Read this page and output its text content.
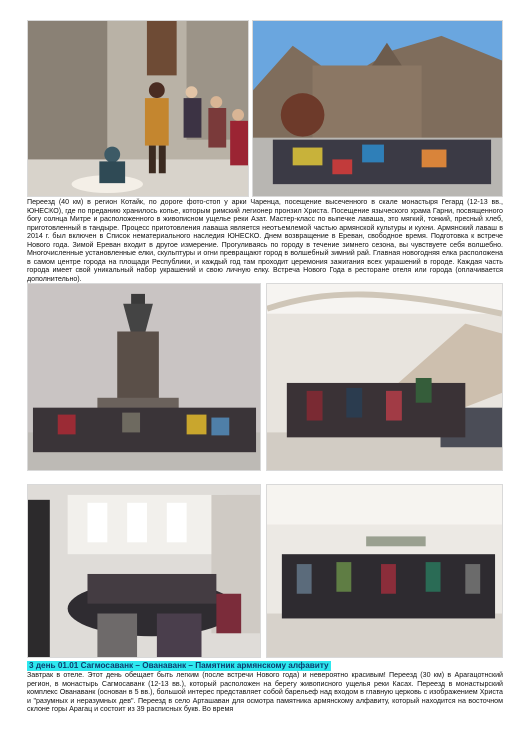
Переезд (40 км) в регион Котайк, по дороге фото-стоп у арки Чаренца, посещение высеченного в скале монастыря Гегард (12-13 вв., ЮНЕСКО), где по преданию хранилось копье, которым римский легионер пронзил Христа. Посещение языческого храма Гарни, посвященного богу солнца Митре и расположенного в живописном ущелье реки Азат. Мастер-класс по выпечке лаваша, это мягкий, тонкий, пресный хлеб, приготовленный в тандыре. Процесс приготовления лаваша является неотъемлемой частью армянской культуры и кухни. Армянский лаваш в 2014 г. был включен в Список нематериального наследия ЮНЕСКО. Днем возвращение в Ереван, свободное время. Подготовка к встрече Нового года. Зимой Ереван входит в другое измерение. Прогуливаясь по городу в течение зимнего сезона, вы чувствуете себя волшебно. Многочисленные установленные елки, скульптуры и огни превращают город в волшебный зимний рай. Главная новогодняя елка расположена в самом центре города на площади Республики, и каждый год там проходит церемония зажигания всех украшений в городе. Каждая часть города имеет свой уникальный набор украшений и свою личную елку. Встреча Нового Года в ресторане отеля или города (оплачивается дополнительно).

3 день 01.01 Сагмосаванк – Ованаванк – Памятник армянскому алфавиту

Завтрак в отеле. Этот день обещает быть легким (после встречи Нового года) и невероятно красивым! Переезд (30 км) в Арагацотнский регион, в монастырь Сагмосаванк (12-13 вв.), который расположен на берегу живописного ущелья реки Касах. Переезд в монастырский комплекс Ованаванк (основан в 5 вв.), большой интерес представляет собой барельеф над входом в главную церковь с изображением Христа и "разумных и неразумных дев". Переезд в село Арташаван для осмотра памятника армянскому алфавиту, который находится на восточном склоне горы Арагац и состоит из 39 расписных букв. Во время
